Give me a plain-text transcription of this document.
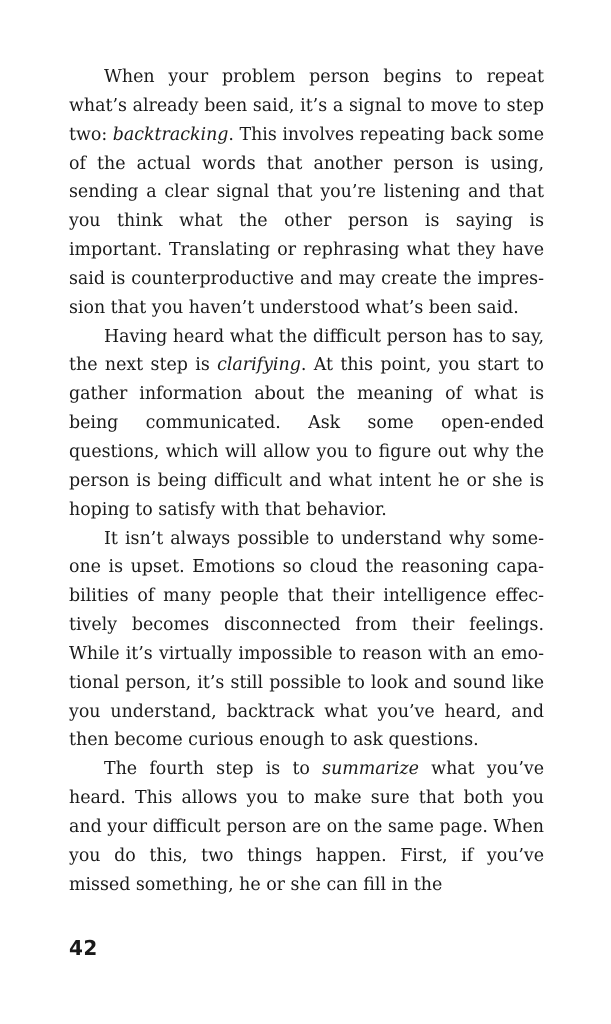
When your problem person begins to repeat what’s already been said, it’s a signal to move to step two: backtracking. This involves repeating back some of the actual words that another person is using, sending a clear signal that you’re listening and that you think what the other person is saying is important. Translating or rephrasing what they have said is counterproductive and may create the impression that you haven’t understood what’s been said.

Having heard what the difficult person has to say, the next step is clarifying. At this point, you start to gather information about the meaning of what is being communicated. Ask some open-ended questions, which will allow you to figure out why the person is being difficult and what intent he or she is hoping to satisfy with that behavior.

It isn’t always possible to understand why someone is upset. Emotions so cloud the reasoning capabilities of many people that their intelligence effectively becomes disconnected from their feelings. While it’s virtually impossible to reason with an emotional person, it’s still possible to look and sound like you understand, backtrack what you’ve heard, and then become curious enough to ask questions.

The fourth step is to summarize what you’ve heard. This allows you to make sure that both you and your difficult person are on the same page. When you do this, two things happen. First, if you’ve missed something, he or she can fill in the

42
